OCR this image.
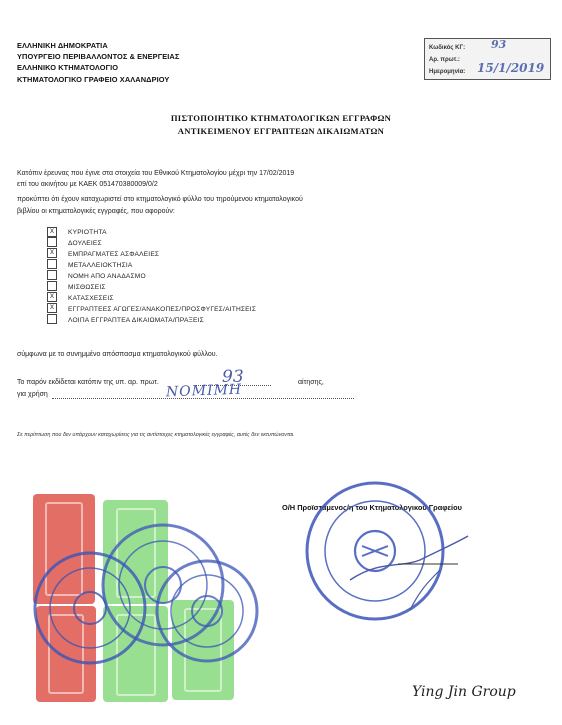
ΕΛΛΗΝΙΚΗ ΔΗΜΟΚΡΑΤΙΑ
ΥΠΟΥΡΓΕΙΟ ΠΕΡΙΒΑΛΛΟΝΤΟΣ & ΕΝΕΡΓΕΙΑΣ
ΕΛΛΗΝΙΚΟ ΚΤΗΜΑΤΟΛΟΓΙΟ
ΚΤΗΜΑΤΟΛΟΓΙΚΟ ΓΡΑΦΕΙΟ ΧΑΛΑΝΔΡΙΟΥ
Κωδικός ΚΓ:	93
Αρ. πρωτ.:
Ημερομηνία: 15/1/2019
ΠΙΣΤΟΠΟΙΗΤΙΚΟ ΚΤΗΜΑΤΟΛΟΓΙΚΩΝ ΕΓΓΡΑΦΩΝ
ΑΝΤΙΚΕΙΜΕΝΟΥ ΕΓΓΡΑΠΤΕΩΝ ΔΙΚΑΙΩΜΑΤΩΝ
Κατόπιν έρευνας που έγινε στα στοιχεία του Εθνικού Κτηματολογίου μέχρι την 17/02/2019
επί του ακινήτου με ΚΑΕΚ 051470380009/0/2
προκύπτει ότι έχουν καταχωριστεί στο κτηματολογικό φύλλο του τηρούμενου κτηματολογικού
βιβλίου οι κτηματολογικές εγγραφές, που αφορούν:
X	ΚΥΡΙΟΤΗΤΑ
ΔΟΥΛΕΙΕΣ
X	ΕΜΠΡΑΓΜΑΤΕΣ ΑΣΦΑΛΕΙΕΣ
ΜΕΤΑΛΛΕΙΟΚΤΗΣΙΑ
ΝΟΜΗ ΑΠΟ ΑΝΑΔΑΣΜΟ
ΜΙΣΘΩΣΕΙΣ
X	ΚΑΤΑΣΧΕΣΕΙΣ
X	ΕΓΓΡΑΠΤΕΕΣ ΑΓΩΓΕΣ/ΑΝΑΚΟΠΕΣ/ΠΡΟΣΦΥΓΕΣ/ΑΙΤΗΣΕΙΣ
ΛΟΙΠΑ ΕΓΓΡΑΠΤΕΑ ΔΙΚΑΙΩΜΑΤΑ/ΠΡΑΞΕΙΣ
σύμφωνα με το συνημμένο απόσπασμα κτηματολογικού φύλλου.
Το παρόν εκδίδεται κατόπιν της υπ. αρ. πρωτ.	93	αίτησης,
για χρήση	ΝΟΜΙΜΗ
Σε περίπτωση που δεν υπάρχουν καταχωρίσεις για τις αντίστοιχες κτηματολογικές εγγραφές, αυτές δεν εκτυπώνονται.
Ο/Η Προϊστάμενος/η του Κτηματολογικού Γραφείου
Ying Jin Group
